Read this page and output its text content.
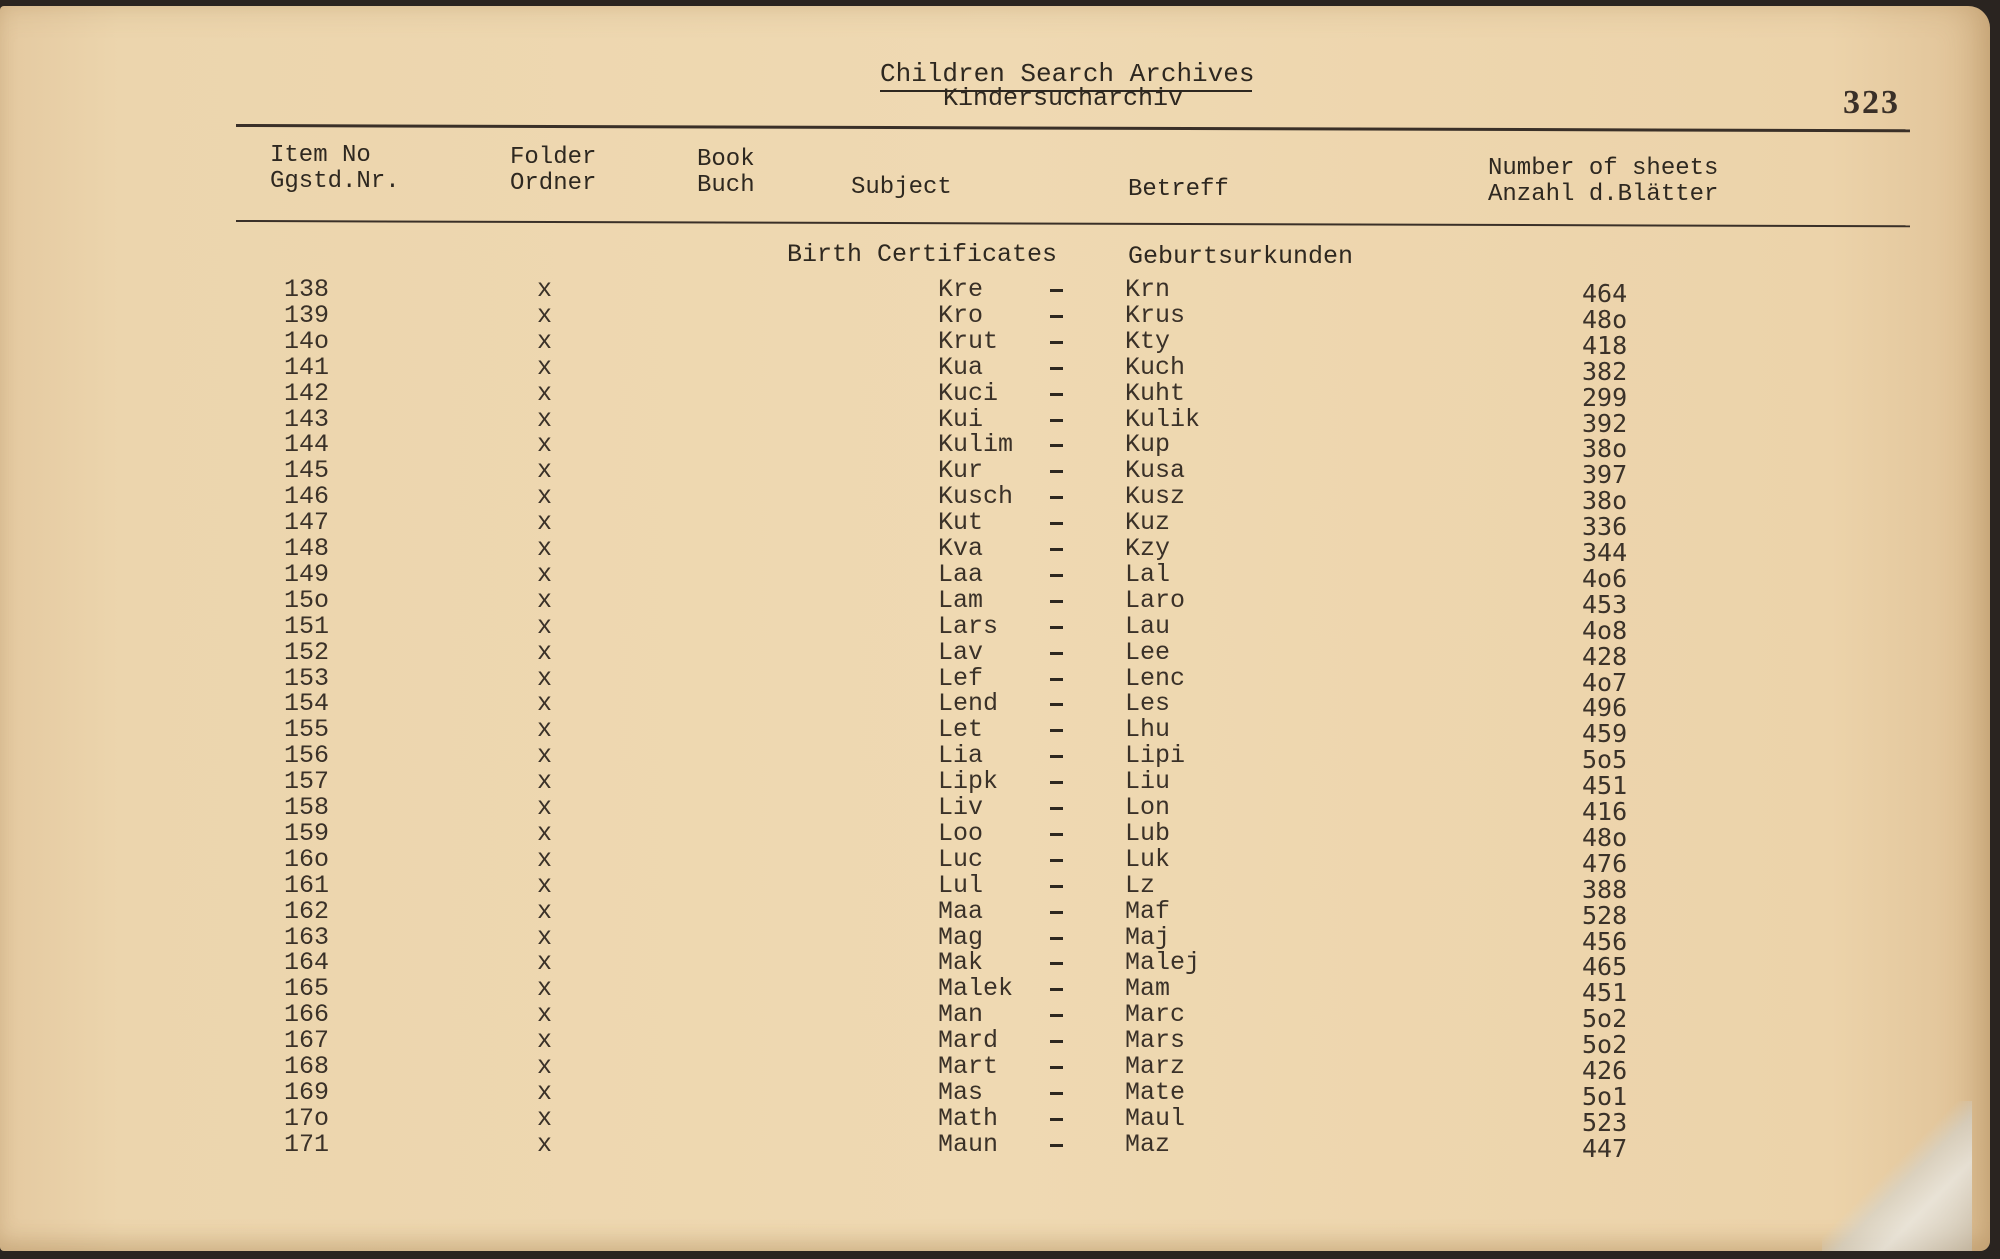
Children Search Archives
Kindersucharchiv	323
Item No
Ggstd.Nr.
Folder
Ordner
Book
Buch	Subject	Betreff
Number of sheets
Anzahl d.Blätter
Birth Certificates	Geburtsurkunden
138	x	Kre	Krn	464
139	x	Kro	Krus	48o
14o	x	Krut	Kty	418
141	x	Kua	Kuch	382
142	x	Kuci	Kuht	299
143	x	Kui	Kulik	392
144	x	Kulim	Kup	38o
145	x	Kur	Kusa	397
146	x	Kusch	Kusz	38o
147	x	Kut	Kuz	336
148	x	Kva	Kzy	344
149	x	Laa	Lal	4o6
15o	x	Lam	Laro	453
151	x	Lars	Lau	4o8
152	x	Lav	Lee	428
153	x	Lef	Lenc	4o7
154	x	Lend	Les	496
155	x	Let	Lhu	459
156	x	Lia	Lipi	5o5
157	x	Lipk	Liu	451
158	x	Liv	Lon	416
159	x	Loo	Lub	48o
16o	x	Luc	Luk	476
161	x	Lul	Lz	388
162	x	Maa	Maf	528
163	x	Mag	Maj	456
164	x	Mak	Malej	465
165	x	Malek	Mam	451
166	x	Man	Marc	5o2
167	x	Mard	Mars	5o2
168	x	Mart	Marz	426
169	x	Mas	Mate	5o1
17o	x	Math	Maul	523
171	x	Maun	Maz	447
